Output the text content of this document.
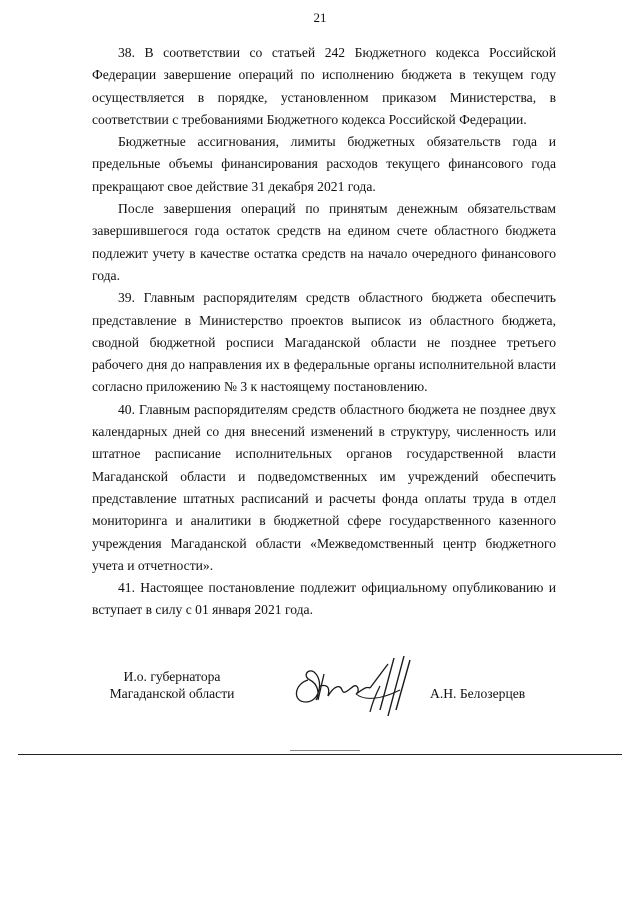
21

38. В соответствии со статьей 242 Бюджетного кодекса Российской Федерации завершение операций по исполнению бюджета в текущем году осуществляется в порядке, установленном приказом Министерства, в соответствии с требованиями Бюджетного кодекса Российской Федерации.

Бюджетные ассигнования, лимиты бюджетных обязательств года и предельные объемы финансирования расходов текущего финансового года прекращают свое действие 31 декабря 2021 года.

После завершения операций по принятым денежным обязательствам завершившегося года остаток средств на едином счете областного бюджета подлежит учету в качестве остатка средств на начало очередного финансового года.

39. Главным распорядителям средств областного бюджета обеспечить представление в Министерство проектов выписок из областного бюджета, сводной бюджетной росписи Магаданской области не позднее третьего рабочего дня до направления их в федеральные органы исполнительной власти согласно приложению № 3 к настоящему постановлению.

40. Главным распорядителям средств областного бюджета не позднее двух календарных дней со дня внесений изменений в структуру, численность или штатное расписание исполнительных органов государственной власти Магаданской области и подведомственных им учреждений обеспечить представление штатных расписаний и расчеты фонда оплаты труда в отдел мониторинга и аналитики в бюджетной сфере государственного казенного учреждения Магаданской области «Межведомственный центр бюджетного учета и отчетности».

41. Настоящее постановление подлежит официальному опубликованию и вступает в силу с 01 января 2021 года.

И.о. губернатора
Магаданской области	А.Н. Белозерцев
